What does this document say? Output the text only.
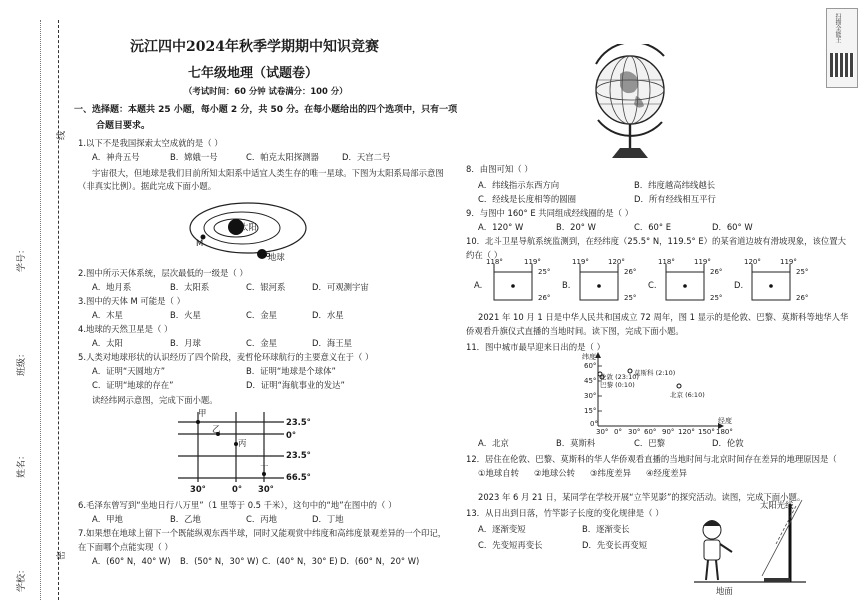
学校：
姓名：
班级：
学号：
线
密
沅江四中2024年秋季学期期中知识竞赛
七年级地理（试题卷）
（考试时间：60 分钟 试卷满分：100 分）
一、选择题：本题共 25 小题，每小题 2 分，共 50 分。在每小题给出的四个选项中，只有一项
合题目要求。
1.以下不是我国探索太空成就的是（ ）
A．神舟五号	B．嫦娥一号	C．帕克太阳探测器	D．天宫二号
宇宙很大，但地球是我们目前所知太阳系中适宜人类生存的唯一星球。下图为太阳系局部示意图
（非真实比例）。据此完成下面小题。
太阳
M
地球
2.图中所示天体系统，层次最低的一级是（ ）
A．地月系	B．太阳系	C．银河系	D．可观测宇宙
3.图中的天体 M 可能是（ ）
A．木星	B．火星	C．金星	D．水星
4.地球的天然卫星是（ ）
A．太阳	B．月球	C．金星	D．海王星
5.人类对地球形状的认识经历了四个阶段，麦哲伦环球航行的主要意义在于（ ）
A．证明“天圆地方”	B．证明“地球是个球体”
C．证明“地球的存在”	D．证明“海航事业的发达”
读经纬网示意图，完成下面小题。
甲
乙
丙
丁
23.5°
0°
23.5°
66.5°
30°	0° 30°
6.毛泽东曾写到“坐地日行八万里”（1 里等于 0.5 千米），这句中的“地”在图中的（ ）
A．甲地	B．乙地	C．丙地	D．丁地
7.如果想在地球上留下一个既能纵观东西半球，同时又能观赏中纬度和高纬度景观差异的一个印记，
在下面哪个点能实现（ ）
A．(60° N，40° W) B．(50° N，30° W) C．(40° N，30° E) D．(60° N，20° W)
8．由图可知（ ）
A．纬线指示东西方向	B．纬度越高纬线越长
C．经线是长度相等的圆圈	D．所有经线相互平行
9．与图中 160° E 共同组成经线圈的是（ ）
A．120° W	B．20° W	C．60° E	D．60° W
10．北斗卫星导航系统监测到，在经纬度（25.5° N，119.5° E）的某省道边坡有滑坡现象，该位置大
约在（ ）
A.
118°	119°
25°
26°
B.
119°	120°
26°
25°
C.
118°	119°
26°
25°
D.
120°	119°
25°
26°
2021 年 10 月 1 日是中华人民共和国成立 72 周年，图 1 显示的是伦敦、巴黎、莫斯科等地华人华
侨观看升旗仪式直播的当地时间。读下图，完成下面小题。
11．图中城市最早迎来日出的是（ ）
纬度
经度
60°
45°
30°
15°
0°
伦敦 (23:10)
莫斯科 (2:10)
巴黎 (0:10)
北京 (6:10)
30° 0° 30° 60° 90° 120° 150° 180°
A．北京	B．莫斯科	C．巴黎	D．伦敦
12．居住在伦敦、巴黎、莫斯科的华人华侨观看直播的当地时间与北京时间存在差异的地理原因是（
①地球自转 ②地球公转 ③纬度差异 ④经度差异
2023 年 6 月 21 日，某同学在学校开展“立竿见影”的探究活动。读图，完成下面小题。
13．从日出到日落，竹竿影子长度的变化规律是（ ）
A．逐渐变短	B．逐渐变长
C．先变短再变长	D．先变长再变短
太阳光线
地面
扫描全能王
